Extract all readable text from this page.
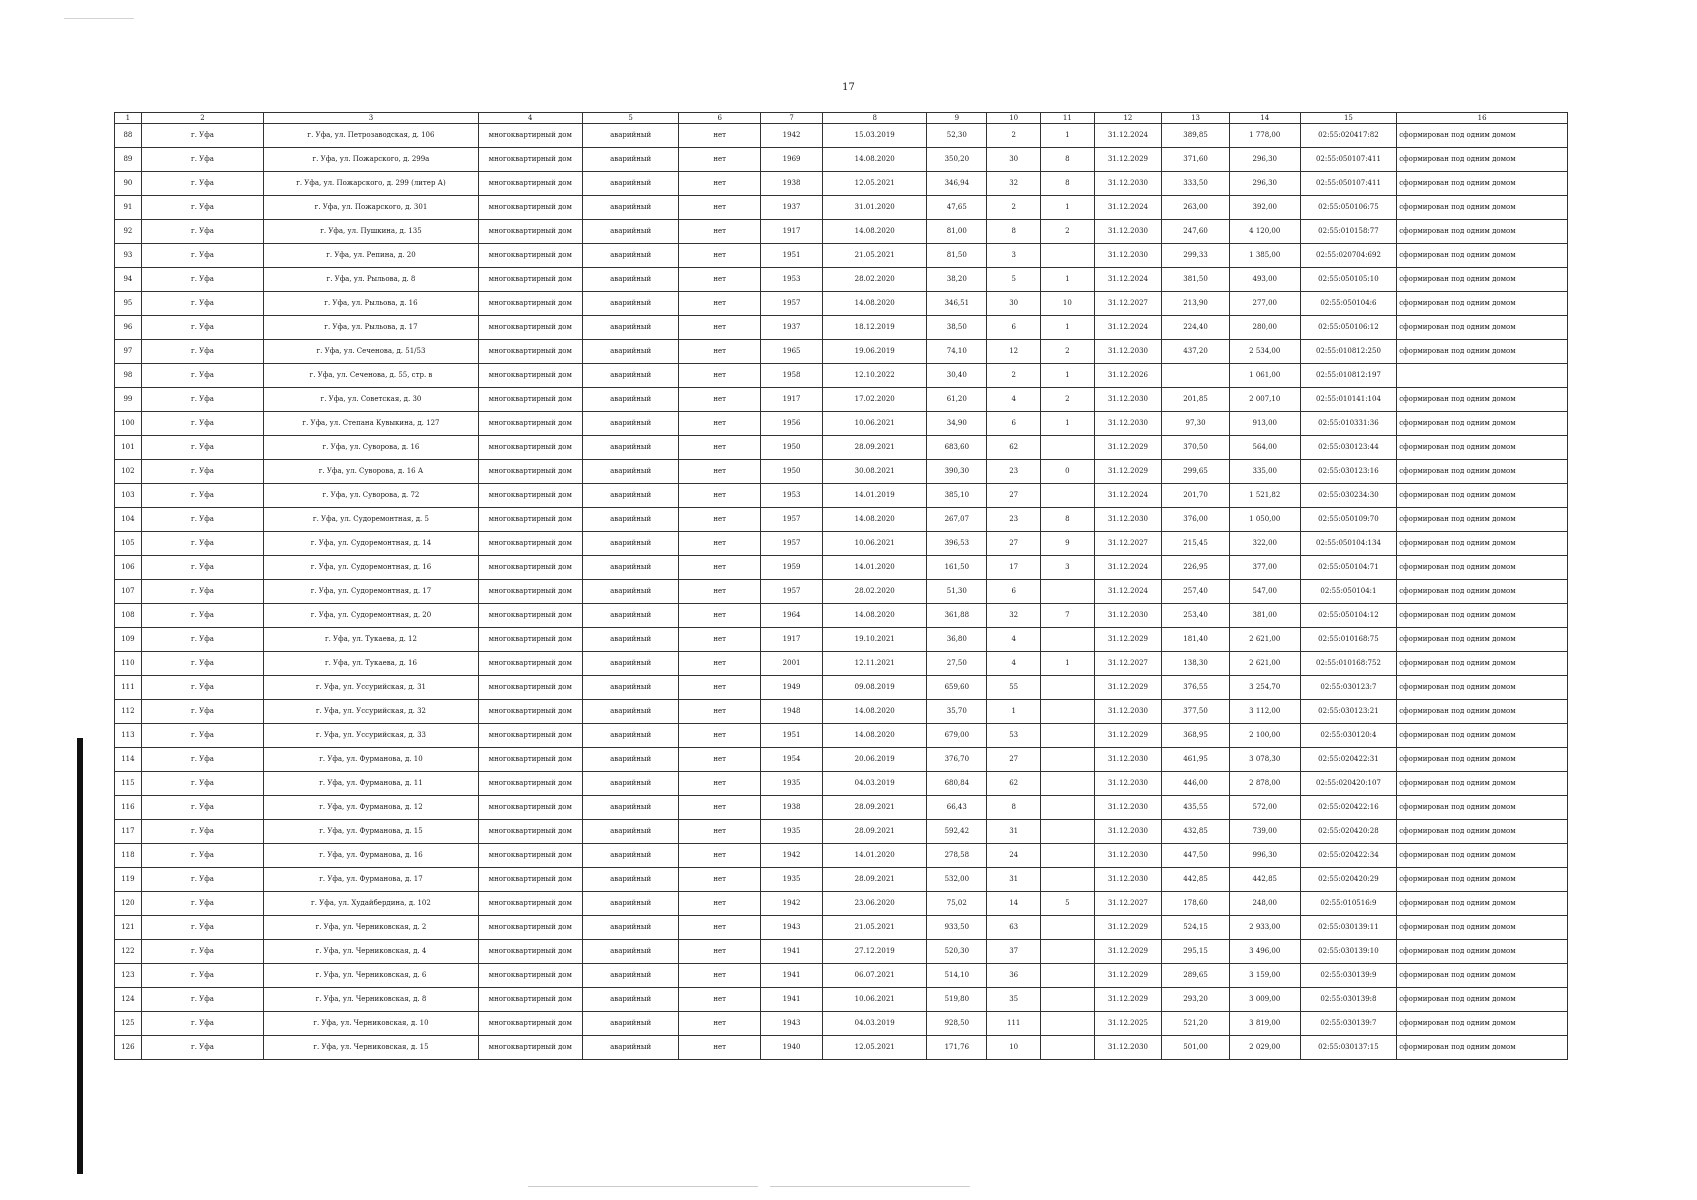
17
1	2	3	4	5	6	7	8	9	10	11	12	13	14	15	16
88	г. Уфа	г. Уфа, ул. Петрозаводская, д. 106	многоквартирный дом	аварийный	нет	1942	15.03.2019	52,30	2	1	31.12.2024	389,85	1 778,00	02:55:020417:82	сформирован под одним домом
89	г. Уфа	г. Уфа, ул. Пожарского, д. 299а	многоквартирный дом	аварийный	нет	1969	14.08.2020	350,20	30	8	31.12.2029	371,60	296,30	02:55:050107:411	сформирован под одним домом
90	г. Уфа	г. Уфа, ул. Пожарского, д. 299 (литер А)	многоквартирный дом	аварийный	нет	1938	12.05.2021	346,94	32	8	31.12.2030	333,50	296,30	02:55:050107:411	сформирован под одним домом
91	г. Уфа	г. Уфа, ул. Пожарского, д. 301	многоквартирный дом	аварийный	нет	1937	31.01.2020	47,65	2	1	31.12.2024	263,00	392,00	02:55:050106:75	сформирован под одним домом
92	г. Уфа	г. Уфа, ул. Пушкина, д. 135	многоквартирный дом	аварийный	нет	1917	14.08.2020	81,00	8	2	31.12.2030	247,60	4 120,00	02:55:010158:77	сформирован под одним домом
93	г. Уфа	г. Уфа, ул. Репина, д. 20	многоквартирный дом	аварийный	нет	1951	21.05.2021	81,50	3		31.12.2030	299,33	1 385,00	02:55:020704:692	сформирован под одним домом
94	г. Уфа	г. Уфа, ул. Рыльова, д. 8	многоквартирный дом	аварийный	нет	1953	28.02.2020	38,20	5	1	31.12.2024	381,50	493,00	02:55:050105:10	сформирован под одним домом
95	г. Уфа	г. Уфа, ул. Рыльова, д. 16	многоквартирный дом	аварийный	нет	1957	14.08.2020	346,51	30	10	31.12.2027	213,90	277,00	02:55:050104:6	сформирован под одним домом
96	г. Уфа	г. Уфа, ул. Рыльова, д. 17	многоквартирный дом	аварийный	нет	1937	18.12.2019	38,50	6	1	31.12.2024	224,40	280,00	02:55:050106:12	сформирован под одним домом
97	г. Уфа	г. Уфа, ул. Сеченова, д. 51/53	многоквартирный дом	аварийный	нет	1965	19.06.2019	74,10	12	2	31.12.2030	437,20	2 534,00	02:55:010812:250	сформирован под одним домом
98	г. Уфа	г. Уфа, ул. Сеченова, д. 55, стр. в	многоквартирный дом	аварийный	нет	1958	12.10.2022	30,40	2	1	31.12.2026		1 061,00	02:55:010812:197	
99	г. Уфа	г. Уфа, ул. Советская, д. 30	многоквартирный дом	аварийный	нет	1917	17.02.2020	61,20	4	2	31.12.2030	201,85	2 007,10	02:55:010141:104	сформирован под одним домом
100	г. Уфа	г. Уфа, ул. Степана Кувыкина, д. 127	многоквартирный дом	аварийный	нет	1956	10.06.2021	34,90	6	1	31.12.2030	97,30	913,00	02:55:010331:36	сформирован под одним домом
101	г. Уфа	г. Уфа, ул. Суворова, д. 16	многоквартирный дом	аварийный	нет	1950	28.09.2021	683,60	62		31.12.2029	370,50	564,00	02:55:030123:44	сформирован под одним домом
102	г. Уфа	г. Уфа, ул. Суворова, д. 16 А	многоквартирный дом	аварийный	нет	1950	30.08.2021	390,30	23	0	31.12.2029	299,65	335,00	02:55:030123:16	сформирован под одним домом
103	г. Уфа	г. Уфа, ул. Суворова, д. 72	многоквартирный дом	аварийный	нет	1953	14.01.2019	385,10	27		31.12.2024	201,70	1 521,82	02:55:030234:30	сформирован под одним домом
104	г. Уфа	г. Уфа, ул. Судоремонтная, д. 5	многоквартирный дом	аварийный	нет	1957	14.08.2020	267,07	23	8	31.12.2030	376,00	1 050,00	02:55:050109:70	сформирован под одним домом
105	г. Уфа	г. Уфа, ул. Судоремонтная, д. 14	многоквартирный дом	аварийный	нет	1957	10.06.2021	396,53	27	9	31.12.2027	215,45	322,00	02:55:050104:134	сформирован под одним домом
106	г. Уфа	г. Уфа, ул. Судоремонтная, д. 16	многоквартирный дом	аварийный	нет	1959	14.01.2020	161,50	17	3	31.12.2024	226,95	377,00	02:55:050104:71	сформирован под одним домом
107	г. Уфа	г. Уфа, ул. Судоремонтная, д. 17	многоквартирный дом	аварийный	нет	1957	28.02.2020	51,30	6		31.12.2024	257,40	547,00	02:55:050104:1	сформирован под одним домом
108	г. Уфа	г. Уфа, ул. Судоремонтная, д. 20	многоквартирный дом	аварийный	нет	1964	14.08.2020	361,88	32	7	31.12.2030	253,40	381,00	02:55:050104:12	сформирован под одним домом
109	г. Уфа	г. Уфа, ул. Тукаева, д. 12	многоквартирный дом	аварийный	нет	1917	19.10.2021	36,80	4		31.12.2029	181,40	2 621,00	02:55:010168:75	сформирован под одним домом
110	г. Уфа	г. Уфа, ул. Тукаева, д. 16	многоквартирный дом	аварийный	нет	2001	12.11.2021	27,50	4	1	31.12.2027	138,30	2 621,00	02:55:010168:752	сформирован под одним домом
111	г. Уфа	г. Уфа, ул. Уссурийская, д. 31	многоквартирный дом	аварийный	нет	1949	09.08.2019	659,60	55		31.12.2029	376,55	3 254,70	02:55:030123:7	сформирован под одним домом
112	г. Уфа	г. Уфа, ул. Уссурийская, д. 32	многоквартирный дом	аварийный	нет	1948	14.08.2020	35,70	1		31.12.2030	377,50	3 112,00	02:55:030123:21	сформирован под одним домом
113	г. Уфа	г. Уфа, ул. Уссурийская, д. 33	многоквартирный дом	аварийный	нет	1951	14.08.2020	679,00	53		31.12.2029	368,95	2 100,00	02:55:030120:4	сформирован под одним домом
114	г. Уфа	г. Уфа, ул. Фурманова, д. 10	многоквартирный дом	аварийный	нет	1954	20.06.2019	376,70	27		31.12.2030	461,95	3 078,30	02:55:020422:31	сформирован под одним домом
115	г. Уфа	г. Уфа, ул. Фурманова, д. 11	многоквартирный дом	аварийный	нет	1935	04.03.2019	680,84	62		31.12.2030	446,00	2 878,00	02:55:020420:107	сформирован под одним домом
116	г. Уфа	г. Уфа, ул. Фурманова, д. 12	многоквартирный дом	аварийный	нет	1938	28.09.2021	66,43	8		31.12.2030	435,55	572,00	02:55:020422:16	сформирован под одним домом
117	г. Уфа	г. Уфа, ул. Фурманова, д. 15	многоквартирный дом	аварийный	нет	1935	28.09.2021	592,42	31		31.12.2030	432,85	739,00	02:55:020420:28	сформирован под одним домом
118	г. Уфа	г. Уфа, ул. Фурманова, д. 16	многоквартирный дом	аварийный	нет	1942	14.01.2020	278,58	24		31.12.2030	447,50	996,30	02:55:020422:34	сформирован под одним домом
119	г. Уфа	г. Уфа, ул. Фурманова, д. 17	многоквартирный дом	аварийный	нет	1935	28.09.2021	532,00	31		31.12.2030	442,85	442,85	02:55:020420:29	сформирован под одним домом
120	г. Уфа	г. Уфа, ул. Худайбердина, д. 102	многоквартирный дом	аварийный	нет	1942	23.06.2020	75,02	14	5	31.12.2027	178,60	248,00	02:55:010516:9	сформирован под одним домом
121	г. Уфа	г. Уфа, ул. Черниковская, д. 2	многоквартирный дом	аварийный	нет	1943	21.05.2021	933,50	63		31.12.2029	524,15	2 933,00	02:55:030139:11	сформирован под одним домом
122	г. Уфа	г. Уфа, ул. Черниковская, д. 4	многоквартирный дом	аварийный	нет	1941	27.12.2019	520,30	37		31.12.2029	295,15	3 496,00	02:55:030139:10	сформирован под одним домом
123	г. Уфа	г. Уфа, ул. Черниковская, д. 6	многоквартирный дом	аварийный	нет	1941	06.07.2021	514,10	36		31.12.2029	289,65	3 159,00	02:55:030139:9	сформирован под одним домом
124	г. Уфа	г. Уфа, ул. Черниковская, д. 8	многоквартирный дом	аварийный	нет	1941	10.06.2021	519,80	35		31.12.2029	293,20	3 009,00	02:55:030139:8	сформирован под одним домом
125	г. Уфа	г. Уфа, ул. Черниковская, д. 10	многоквартирный дом	аварийный	нет	1943	04.03.2019	928,50	111		31.12.2025	521,20	3 819,00	02:55:030139:7	сформирован под одним домом
126	г. Уфа	г. Уфа, ул. Черниковская, д. 15	многоквартирный дом	аварийный	нет	1940	12.05.2021	171,76	10		31.12.2030	501,00	2 029,00	02:55:030137:15	сформирован под одним домом
